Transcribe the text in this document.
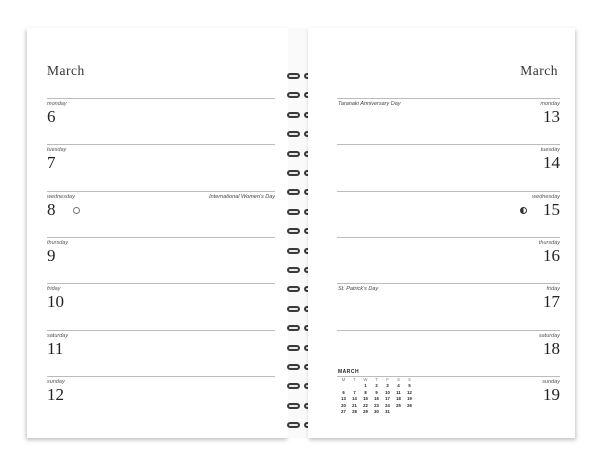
March
monday
6
tuesday
7
wednesday
8
International Women's Day
thursday
9
friday
10
saturday
11
sunday
12
March
monday
13
Taranaki Anniversary Day
tuesday
14
wednesday
15
thursday
16
friday
17
St. Patrick's Day
saturday
18
sunday
19
MARCH
M	T	W	T	F	S	S
		1	2	3	4	5
6	7	8	9	10	11	12
13	14	15	16	17	18	19
20	21	22	23	24	25	26
27	28	29	30	31		
